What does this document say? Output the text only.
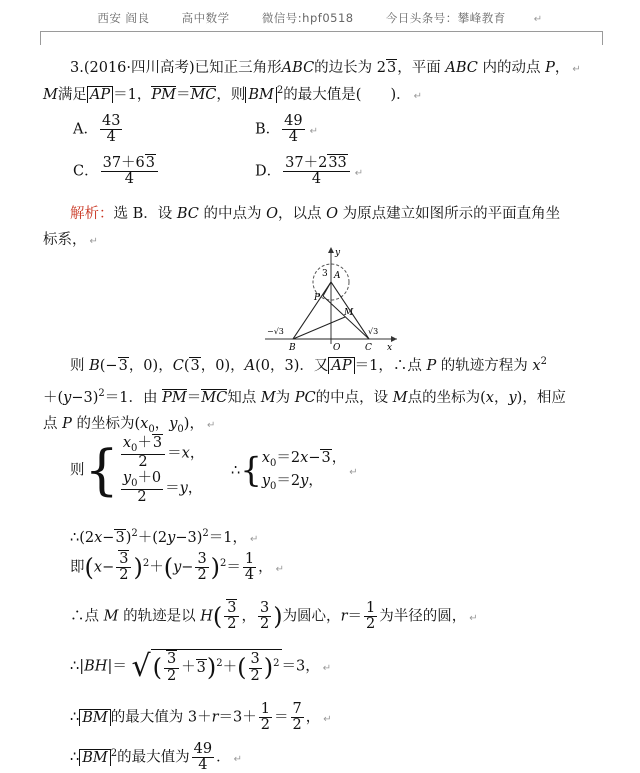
西安 阎良	高中数学	微信号:hpf0518	今日头条号：攀峰教育	↵
3.(2016·四川高考)已知正三角形ABC的边长为 23，平面 ABC 内的动点 P， ↵
M满足 AP ＝1，PM＝MC，则 BM $^2$的最大值是(　　)． ↵
A． $\frac{43}{4}$	B． $\frac{49}{4}$ ↵
C． $\frac{37+63}{4}$	D． $\frac{37+233}{4}$ ↵
解析：选 B．设 BC 的中点为 O，以点 O 为原点建立如图所示的平面直角坐
标系， ↵
y
3 A
P
M
−√3
B	O	C
√3
x
则 B(−3，0)，C(3，0)，A(0，3)．又 AP ＝1，∴点 P 的轨迹方程为 $x^2$
$+(y-3)^2=1$．由 PM＝MC知点 M为 PC的中点，设 M点的坐标为(x，y)，相应
点 P 的坐标为($x_0$，$y_0$)， ↵
则{ $\frac{x_0+3}{2} =x$，
$\frac{y_0+0}{2} =y$，
∴{ $x_0=2x-3$，
$y_0=2y$，
↵
$\therefore(2x-3)^2+(2y-3)^2=1$， ↵
即$(x- \frac{3}{2} )^2+(y- \frac{3}{2} )^2= \frac{1}{4}$ ， ↵
∴点 M 的轨迹是以 $H( \frac{3}{2}$ ， $\frac{3}{2}$ )为圆心，$r= \frac{1}{2}$ 为半径的圆， ↵
∴|BH|＝ √( $\frac{3}{2} +3)^2+( \frac{3}{2} )^2 =3$， ↵
∴ BM 的最大值为 $3+r=3+ \frac{1}{2} = \frac{7}{2}$ ， ↵
∴ BM $^2$的最大值为 $\frac{49}{4}$ ． ↵
